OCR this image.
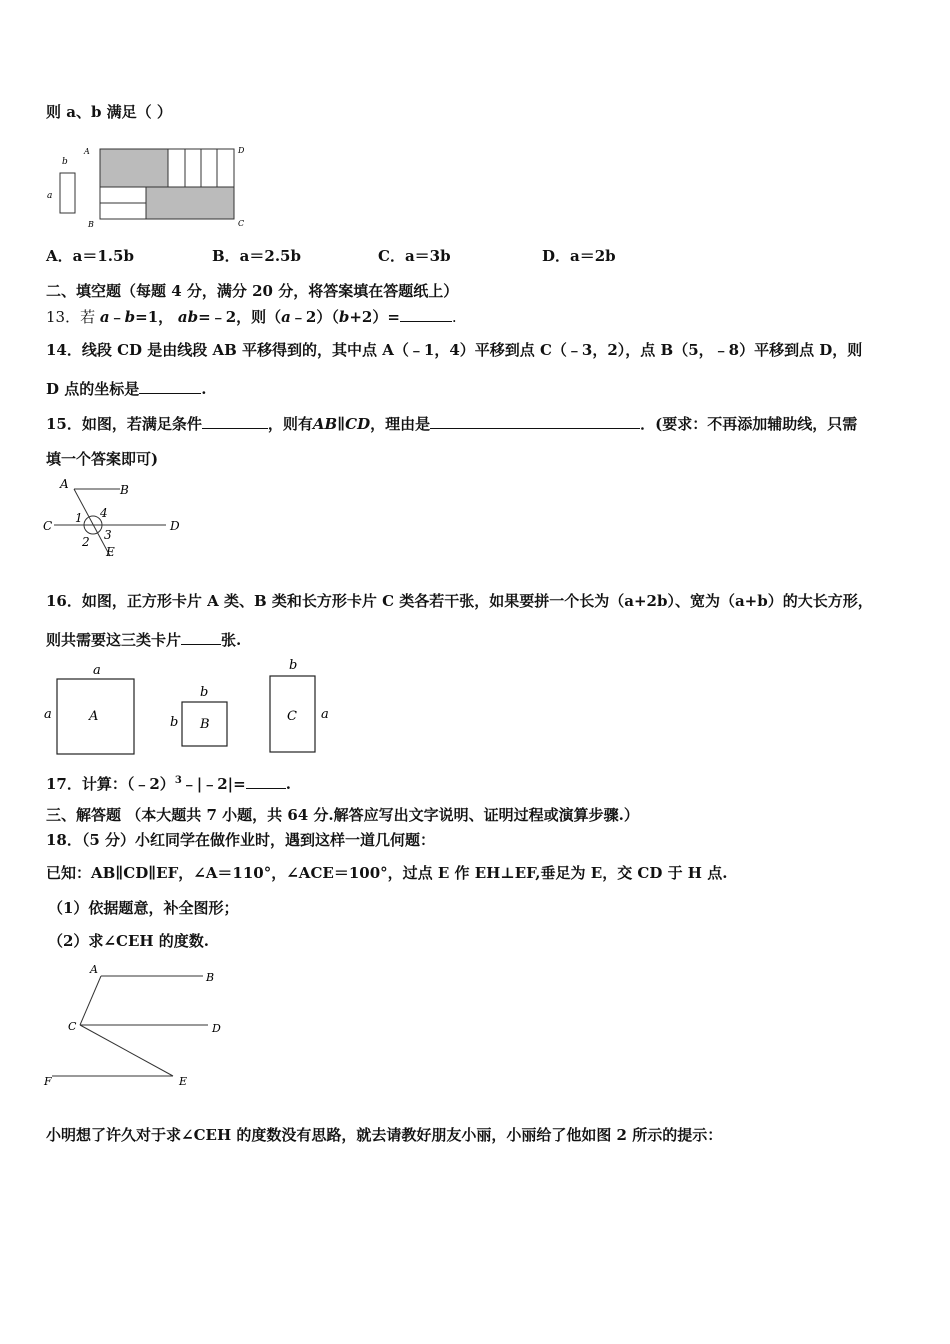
则 a、b 满足（ ）
b
a
A	D
B	C
A．a＝1.5b	B．a＝2.5b	C．a＝3b	D．a＝2b
二、填空题（每题 4 分，满分 20 分，将答案填在答题纸上）
13．若 a﹣b=1， ab=﹣2，则（a﹣2）（b+2）=	.
14．线段 CD 是由线段 AB 平移得到的，其中点 A（﹣1，4）平移到点 C（﹣3，2），点 B（5，﹣8）平移到点 D，则
D 点的坐标是	.
15．如图，若满足条件	，则有AB∥CD，理由是	．(要求：不再添加辅助线，只需
填一个答案即可)
A	B
C	D
E
1 4
2 3
16．如图，正方形卡片 A 类、B 类和长方形卡片 C 类各若干张，如果要拼一个长为（a+2b）、宽为（a+b）的大长方形，
则共需要这三类卡片	张.
a
a	A
b
b B
b
a
C
17．计算：（﹣2）$^3$﹣|﹣2|=	.
三、解答题 （本大题共 7 小题，共 64 分.解答应写出文字说明、证明过程或演算步骤.）
18．（5 分）小红同学在做作业时，遇到这样一道几何题：
已知：AB∥CD∥EF，∠A＝110°，∠ACE＝100°，过点 E 作 EH⊥EF,垂足为 E，交 CD 于 H 点.
（1）依据题意，补全图形；
（2）求∠CEH 的度数.
A
B
C	D
F	E
小明想了许久对于求∠CEH 的度数没有思路，就去请教好朋友小丽，小丽给了他如图 2 所示的提示：
